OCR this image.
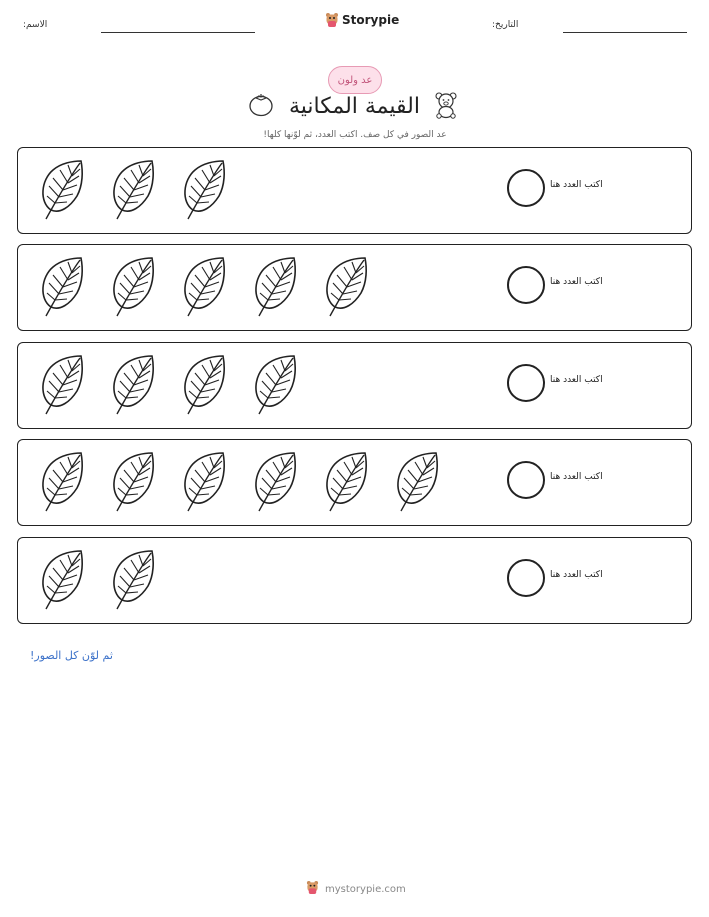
الاسم:	Storypie	التاريخ:
عد ولون
القيمة المكانية
عد الصور في كل صف. اكتب العدد، ثم لوّنها كلها!
اكتب العدد هنا
اكتب العدد هنا
اكتب العدد هنا
اكتب العدد هنا
اكتب العدد هنا
ثم لوّن كل الصور!
mystorypie.com
